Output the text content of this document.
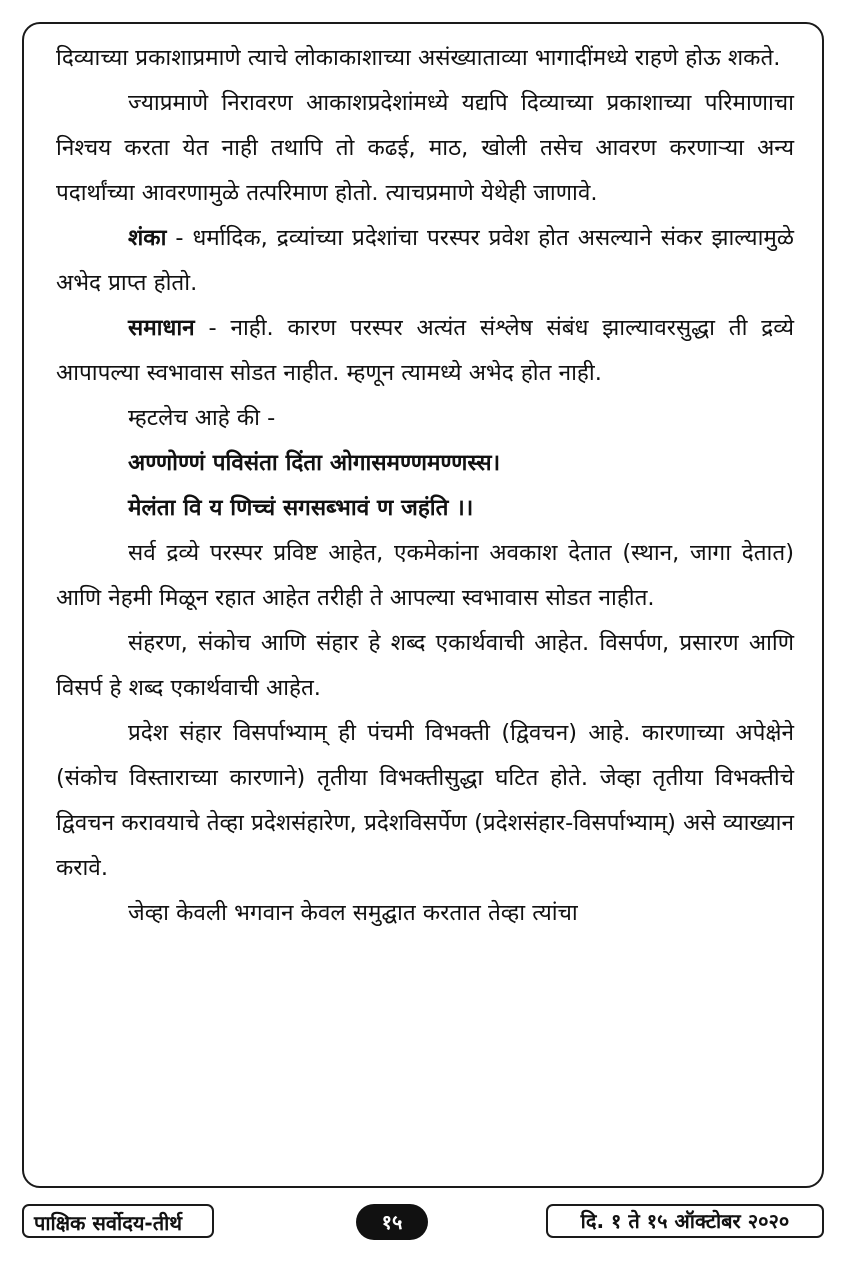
दिव्याच्या प्रकाशाप्रमाणे त्याचे लोकाकाशाच्या असंख्याताव्या भागादींमध्ये राहणे होऊ शकते.

ज्याप्रमाणे निरावरण आकाशप्रदेशांमध्ये यद्यपि दिव्याच्या प्रकाशाच्या परिमाणाचा निश्चय करता येत नाही तथापि तो कढई, माठ, खोली तसेच आवरण करणाऱ्या अन्य पदार्थांच्या आवरणामुळे तत्परिमाण होतो. त्याचप्रमाणे येथेही जाणावे.

शंका - धर्मादिक, द्रव्यांच्या प्रदेशांचा परस्पर प्रवेश होत असल्याने संकर झाल्यामुळे अभेद प्राप्त होतो.

समाधान - नाही. कारण परस्पर अत्यंत संश्लेष संबंध झाल्यावरसुद्धा ती द्रव्ये आपापल्या स्वभावास सोडत नाहीत. म्हणून त्यामध्ये अभेद होत नाही.

म्हटलेच आहे की -

अण्णोण्णं पविसंता दिंता ओगासमण्णमण्णस्स।

मेलंता वि य णिच्चं सगसब्भावं ण जहंति ।।

सर्व द्रव्ये परस्पर प्रविष्ट आहेत, एकमेकांना अवकाश देतात (स्थान, जागा देतात) आणि नेहमी मिळून रहात आहेत तरीही ते आपल्या स्वभावास सोडत नाहीत.

संहरण, संकोच आणि संहार हे शब्द एकार्थवाची आहेत. विसर्पण, प्रसारण आणि विसर्प हे शब्द एकार्थवाची आहेत.

प्रदेश संहार विसर्पाभ्याम् ही पंचमी विभक्ती (द्विवचन) आहे. कारणाच्या अपेक्षेने (संकोच विस्ताराच्या कारणाने) तृतीया विभक्तीसुद्धा घटित होते. जेव्हा तृतीया विभक्तीचे द्विवचन करावयाचे तेव्हा प्रदेशसंहारेण, प्रदेशविसर्पेण (प्रदेशसंहार-विसर्पाभ्याम्) असे व्याख्यान करावे.

जेव्हा केवली भगवान केवल समुद्घात करतात तेव्हा त्यांचा

पाक्षिक सर्वोदय-तीर्थ	१५	दि. १ ते १५ ऑक्टोबर २०२०
